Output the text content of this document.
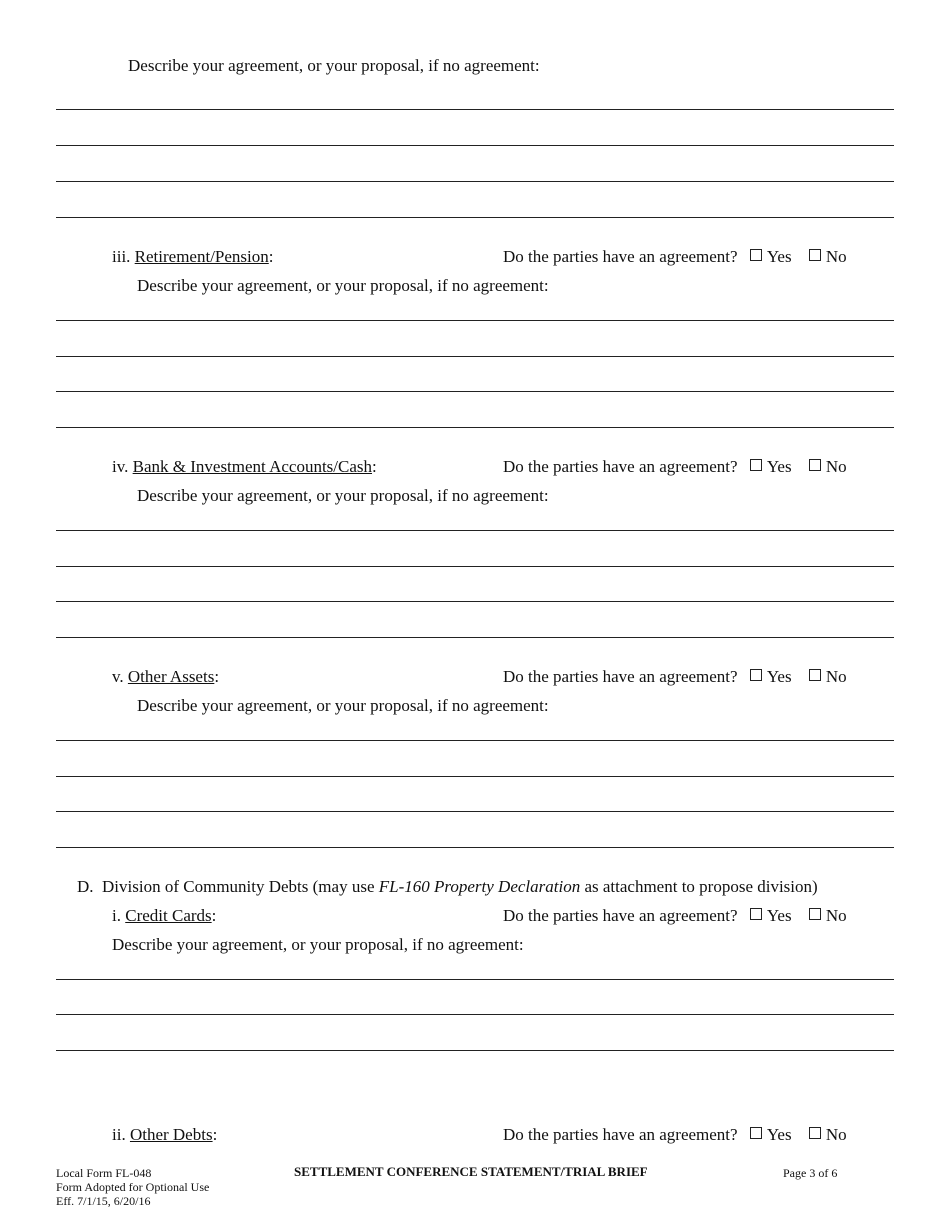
Describe your agreement, or your proposal, if no agreement:
iii. Retirement/Pension:	Do the parties have an agreement? Yes No
Describe your agreement, or your proposal, if no agreement:
iv. Bank & Investment Accounts/Cash:	Do the parties have an agreement? Yes No
Describe your agreement, or your proposal, if no agreement:
v. Other Assets:	Do the parties have an agreement? Yes No
Describe your agreement, or your proposal, if no agreement:
D. Division of Community Debts (may use FL-160 Property Declaration as attachment to propose division)
i. Credit Cards:	Do the parties have an agreement? Yes No
Describe your agreement, or your proposal, if no agreement:
ii. Other Debts:	Do the parties have an agreement? Yes No
Local Form FL-048
Form Adopted for Optional Use
Eff. 7/1/15, 6/20/16
SETTLEMENT CONFERENCE STATEMENT/TRIAL BRIEF	Page 3 of 6
